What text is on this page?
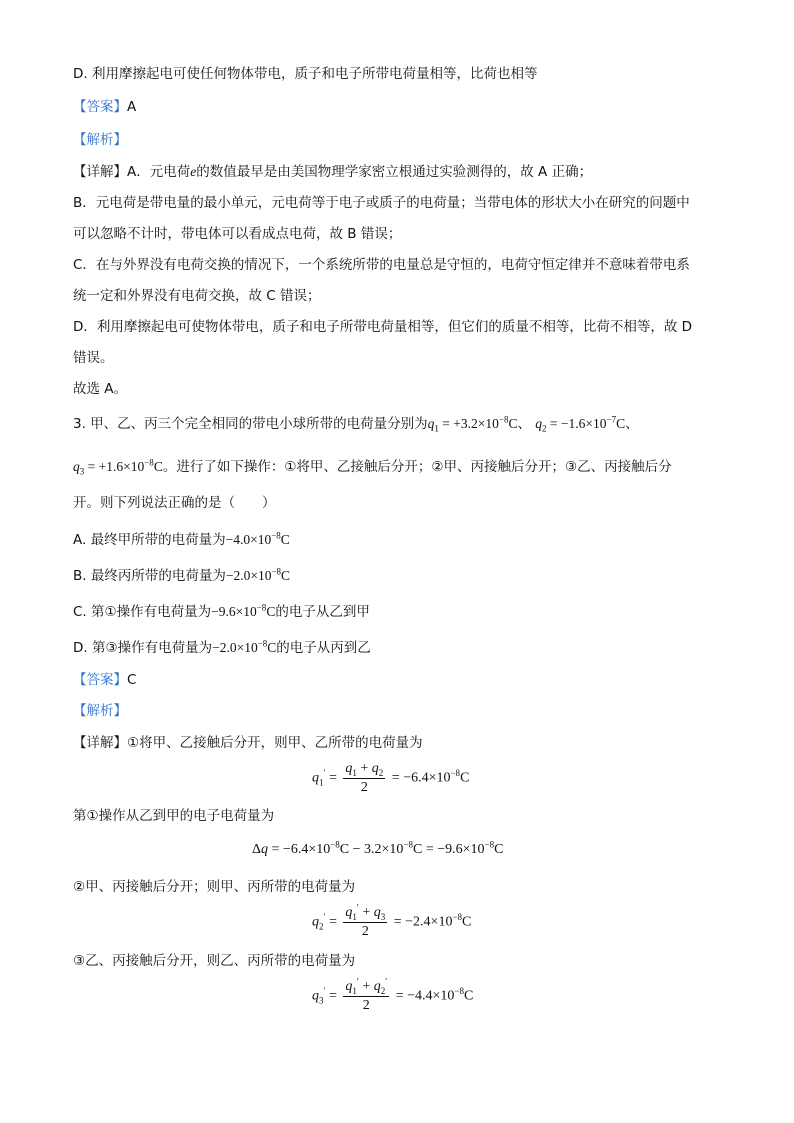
D. 利用摩擦起电可使任何物体带电，质子和电子所带电荷量相等，比荷也相等
【答案】A
【解析】
【详解】A．元电荷e的数值最早是由美国物理学家密立根通过实验测得的，故 A 正确；
B．元电荷是带电量的最小单元，元电荷等于电子或质子的电荷量；当带电体的形状大小在研究的问题中
可以忽略不计时，带电体可以看成点电荷，故 B 错误；
C．在与外界没有电荷交换的情况下，一个系统所带的电量总是守恒的，电荷守恒定律并不意味着带电系
统一定和外界没有电荷交换，故 C 错误；
D．利用摩擦起电可使物体带电，质子和电子所带电荷量相等，但它们的质量不相等，比荷不相等，故 D
错误。
故选 A。
3. 甲、乙、丙三个完全相同的带电小球所带的电荷量分别为$q_1 = +3.2\times 10^{-8}C$、 $q_2 = -1.6\times 10^{-7}C$、
$q_3 = +1.6\times 10^{-8}C$。进行了如下操作：①将甲、乙接触后分开；②甲、丙接触后分开；③乙、丙接触后分
开。则下列说法正确的是（　　）
A. 最终甲所带的电荷量为$-4.0\times 10^{-8}C$
B. 最终丙所带的电荷量为$-2.0\times 10^{-8}C$
C. 第①操作有电荷量为$-9.6\times 10^{-8}C$的电子从乙到甲
D. 第③操作有电荷量为$-2.0\times 10^{-8}C$的电子从丙到乙
【答案】C
【解析】
【详解】①将甲、乙接触后分开，则甲、乙所带的电荷量为
$q_1' = \frac{q_1 + q_2}{2} = -6.4\times 10^{-8}C$
第①操作从乙到甲的电子电荷量为
$\Delta q = -6.4\times 10^{-8}C - 3.2\times 10^{-8}C = -9.6\times 10^{-8}C$
②甲、丙接触后分开；则甲、丙所带的电荷量为
$q_2' = \frac{q_1' + q_3}{2} = -2.4\times 10^{-8}C$
③乙、丙接触后分开，则乙、丙所带的电荷量为
$q_3' = \frac{q_1' + q_2'}{2} = -4.4\times 10^{-8}C$
